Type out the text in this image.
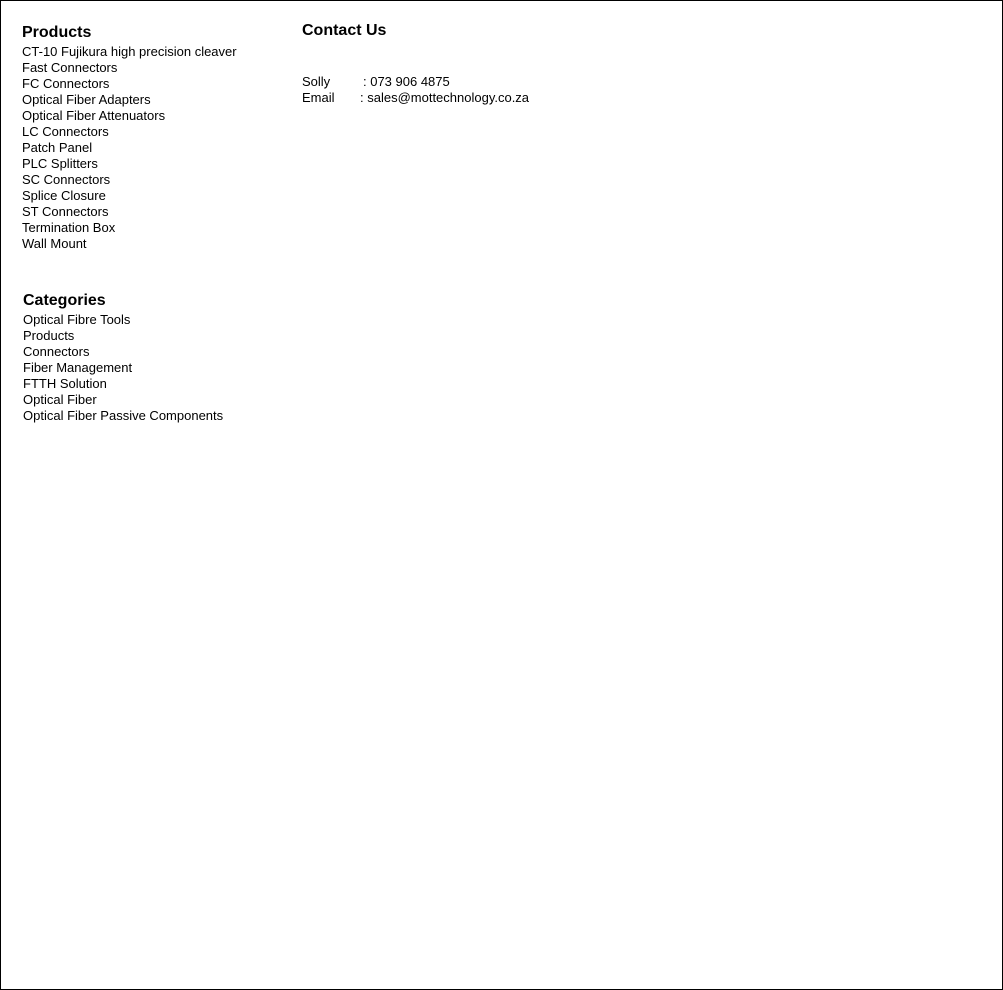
Products
CT-10 Fujikura high precision cleaver
Fast Connectors
FC Connectors
Optical Fiber Adapters
Optical Fiber Attenuators
LC Connectors
Patch Panel
PLC Splitters
SC Connectors
Splice Closure
ST Connectors
Termination Box
Wall Mount
Categories
Optical Fibre Tools
Products
Connectors
Fiber Management
FTTH Solution
Optical Fiber
Optical Fiber Passive Components
Contact Us
Solly	: 073 906 4875
Email : sales@mottechnology.co.za
